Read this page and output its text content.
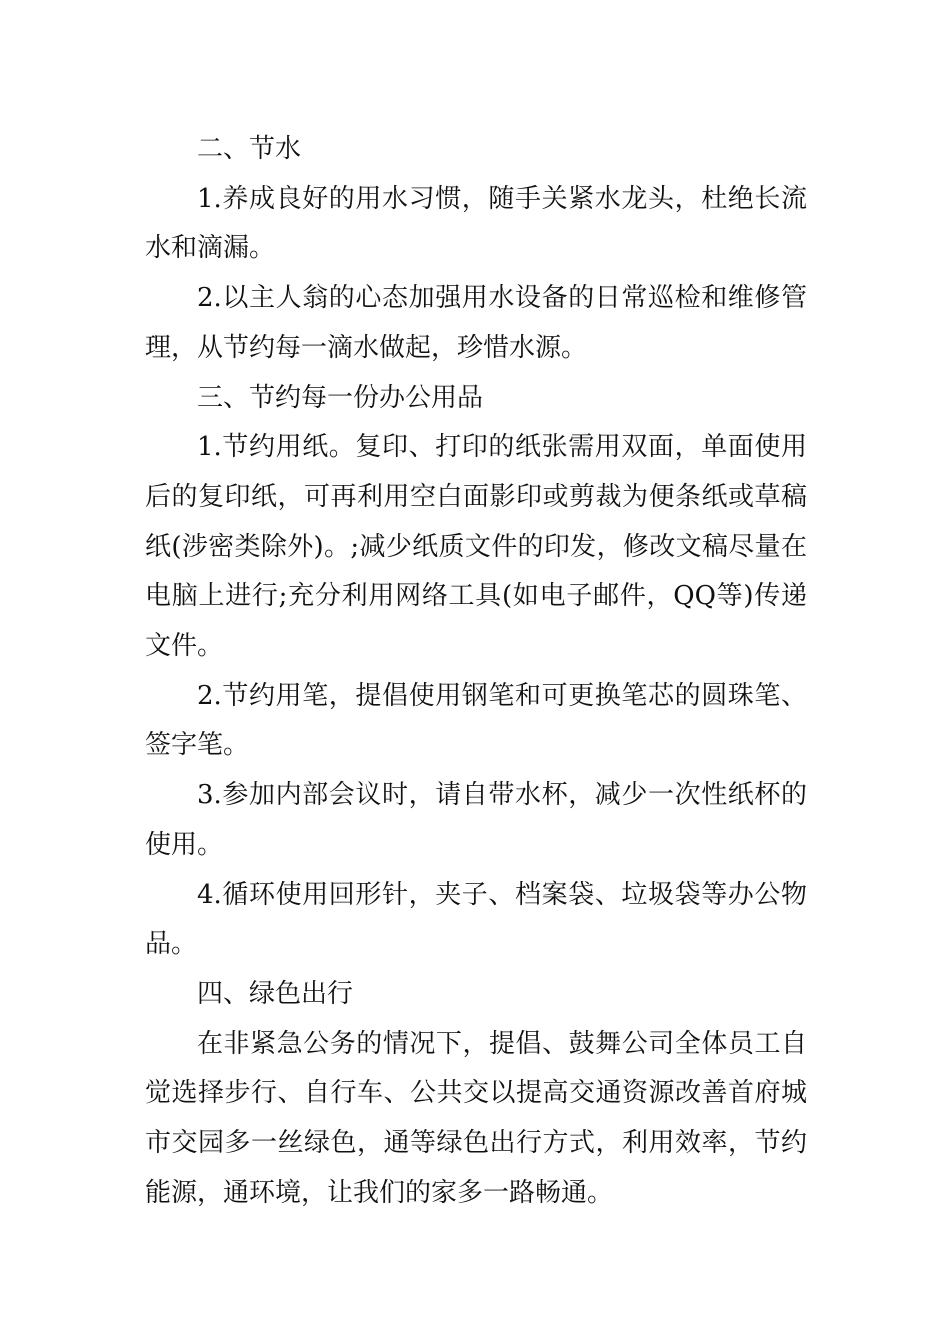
二、节水

1.养成良好的用水习惯，随手关紧水龙头，杜绝长流水和滴漏。

2.以主人翁的心态加强用水设备的日常巡检和维修管理，从节约每一滴水做起，珍惜水源。

三、节约每一份办公用品

1.节约用纸。复印、打印的纸张需用双面，单面使用后的复印纸，可再利用空白面影印或剪裁为便条纸或草稿纸(涉密类除外)。;减少纸质文件的印发，修改文稿尽量在电脑上进行;充分利用网络工具(如电子邮件，QQ等)传递文件。

2.节约用笔，提倡使用钢笔和可更换笔芯的圆珠笔、签字笔。

3.参加内部会议时，请自带水杯，减少一次性纸杯的使用。

4.循环使用回形针，夹子、档案袋、垃圾袋等办公物品。

四、绿色出行

在非紧急公务的情况下，提倡、鼓舞公司全体员工自觉选择步行、自行车、公共交以提高交通资源改善首府城市交园多一丝绿色，通等绿色出行方式，利用效率，节约能源，通环境，让我们的家多一路畅通。
